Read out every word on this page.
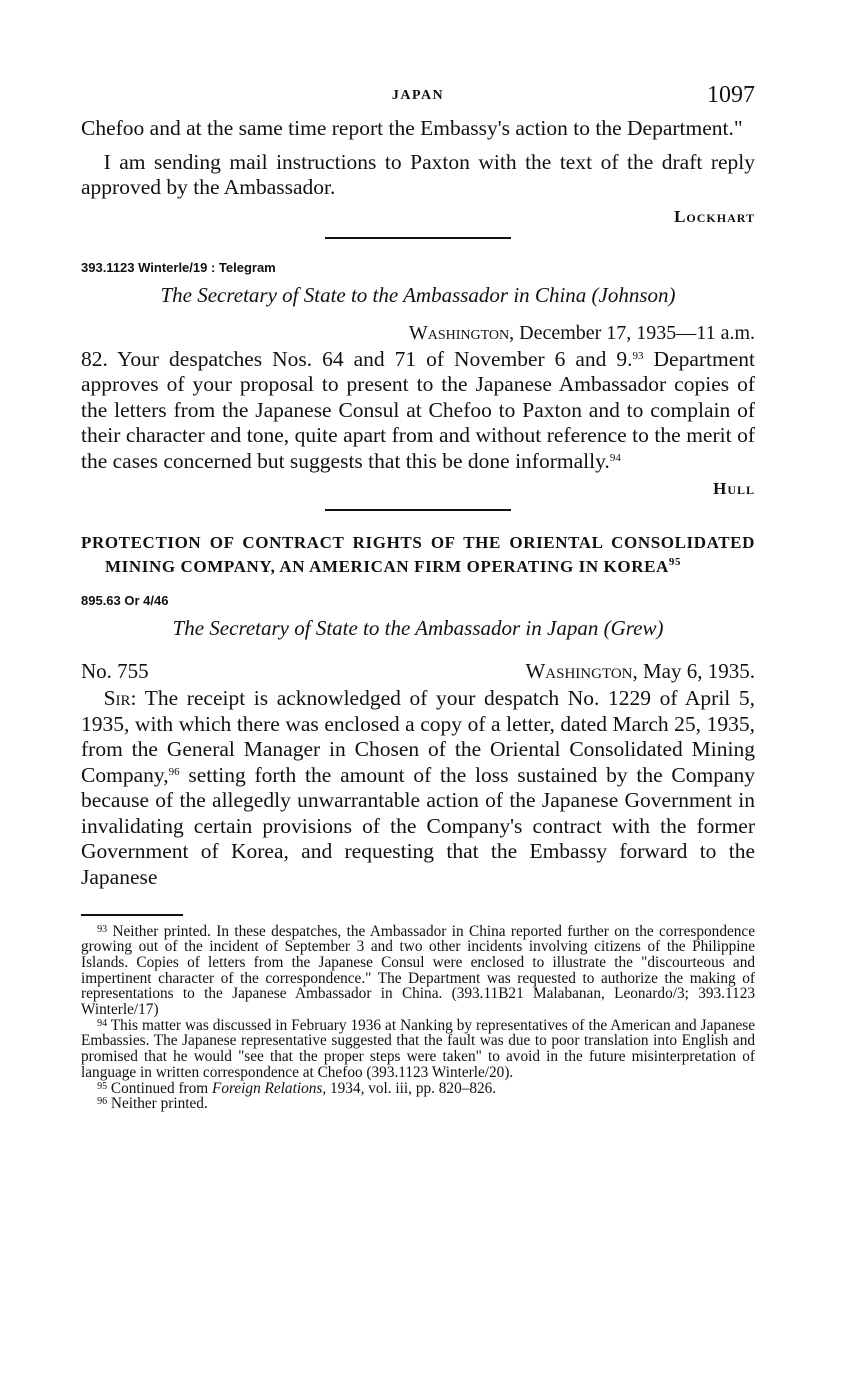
JAPAN	1097

Chefoo and at the same time report the Embassy's action to the Department."

I am sending mail instructions to Paxton with the text of the draft reply approved by the Ambassador.

Lockhart

393.1123 Winterle/19 : Telegram

The Secretary of State to the Ambassador in China (Johnson)

Washington, December 17, 1935—11 a.m.

82. Your despatches Nos. 64 and 71 of November 6 and 9.93 Department approves of your proposal to present to the Japanese Ambassador copies of the letters from the Japanese Consul at Chefoo to Paxton and to complain of their character and tone, quite apart from and without reference to the merit of the cases concerned but suggests that this be done informally.$^{94}$

Hull

PROTECTION OF CONTRACT RIGHTS OF THE ORIENTAL CONSOLIDATED MINING COMPANY, AN AMERICAN FIRM OPERATING IN KOREA$^{95}$

895.63 Or 4/46

The Secretary of State to the Ambassador in Japan (Grew)

No. 755	Washington, May 6, 1935.

Sir: The receipt is acknowledged of your despatch No. 1229 of April 5, 1935, with which there was enclosed a copy of a letter, dated March 25, 1935, from the General Manager in Chosen of the Oriental Consolidated Mining Company,$^{96}$ setting forth the amount of the loss sustained by the Company because of the allegedly unwarrantable action of the Japanese Government in invalidating certain provisions of the Company's contract with the former Government of Korea, and requesting that the Embassy forward to the Japanese

$^{93}$ Neither printed. In these despatches, the Ambassador in China reported further on the correspondence growing out of the incident of September 3 and two other incidents involving citizens of the Philippine Islands. Copies of letters from the Japanese Consul were enclosed to illustrate the "discourteous and impertinent character of the correspondence." The Department was requested to authorize the making of representations to the Japanese Ambassador in China. (393.11B21 Malabanan, Leonardo/3; 393.1123 Winterle/17)

$^{94}$ This matter was discussed in February 1936 at Nanking by representatives of the American and Japanese Embassies. The Japanese representative suggested that the fault was due to poor translation into English and promised that he would "see that the proper steps were taken" to avoid in the future misinterpretation of language in written correspondence at Chefoo (393.1123 Winterle/20).

$^{95}$ Continued from Foreign Relations, 1934, vol. iii, pp. 820–826.

$^{96}$ Neither printed.
